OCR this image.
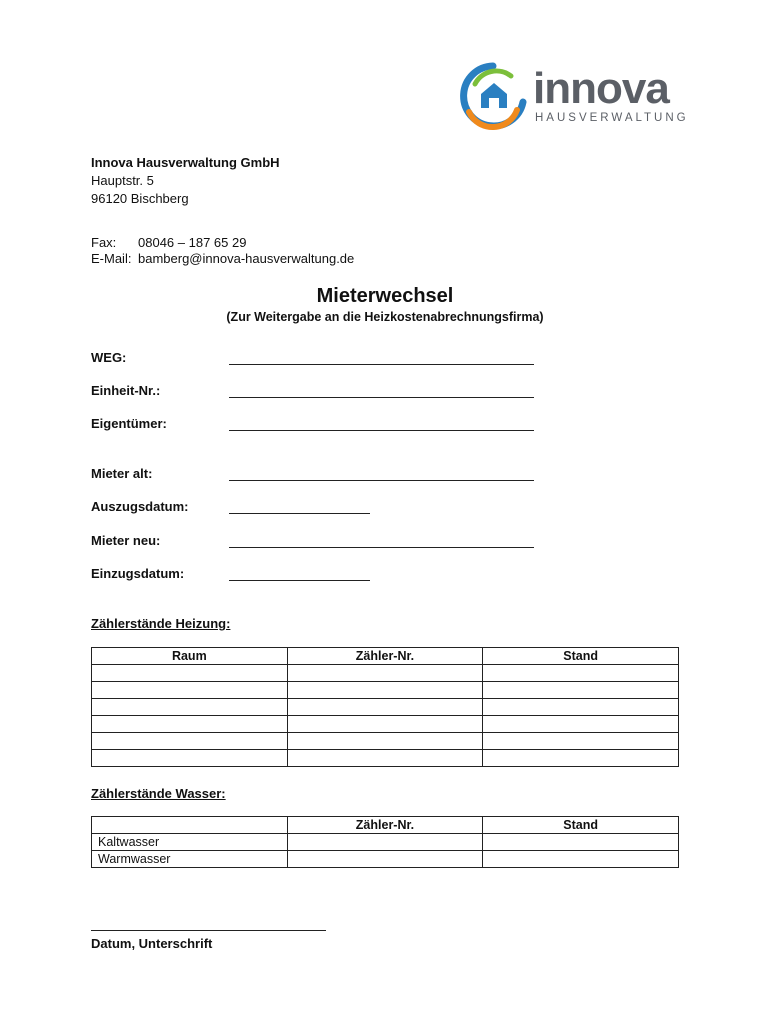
innova
HAUSVERWALTUNG
Innova Hausverwaltung GmbH
Hauptstr. 5
96120 Bischberg
Fax:	08046 – 187 65 29
E-Mail: bamberg@innova-hausverwaltung.de
Mieterwechsel
(Zur Weitergabe an die Heizkostenabrechnungsfirma)
WEG:
Einheit-Nr.:
Eigentümer:
Mieter alt:
Auszugsdatum:
Mieter neu:
Einzugsdatum:
Zählerstände Heizung:
Raum	Zähler-Nr.	Stand

Zählerstände Wasser:
	Zähler-Nr.	Stand
Kaltwasser		
Warmwasser		
Datum, Unterschrift
